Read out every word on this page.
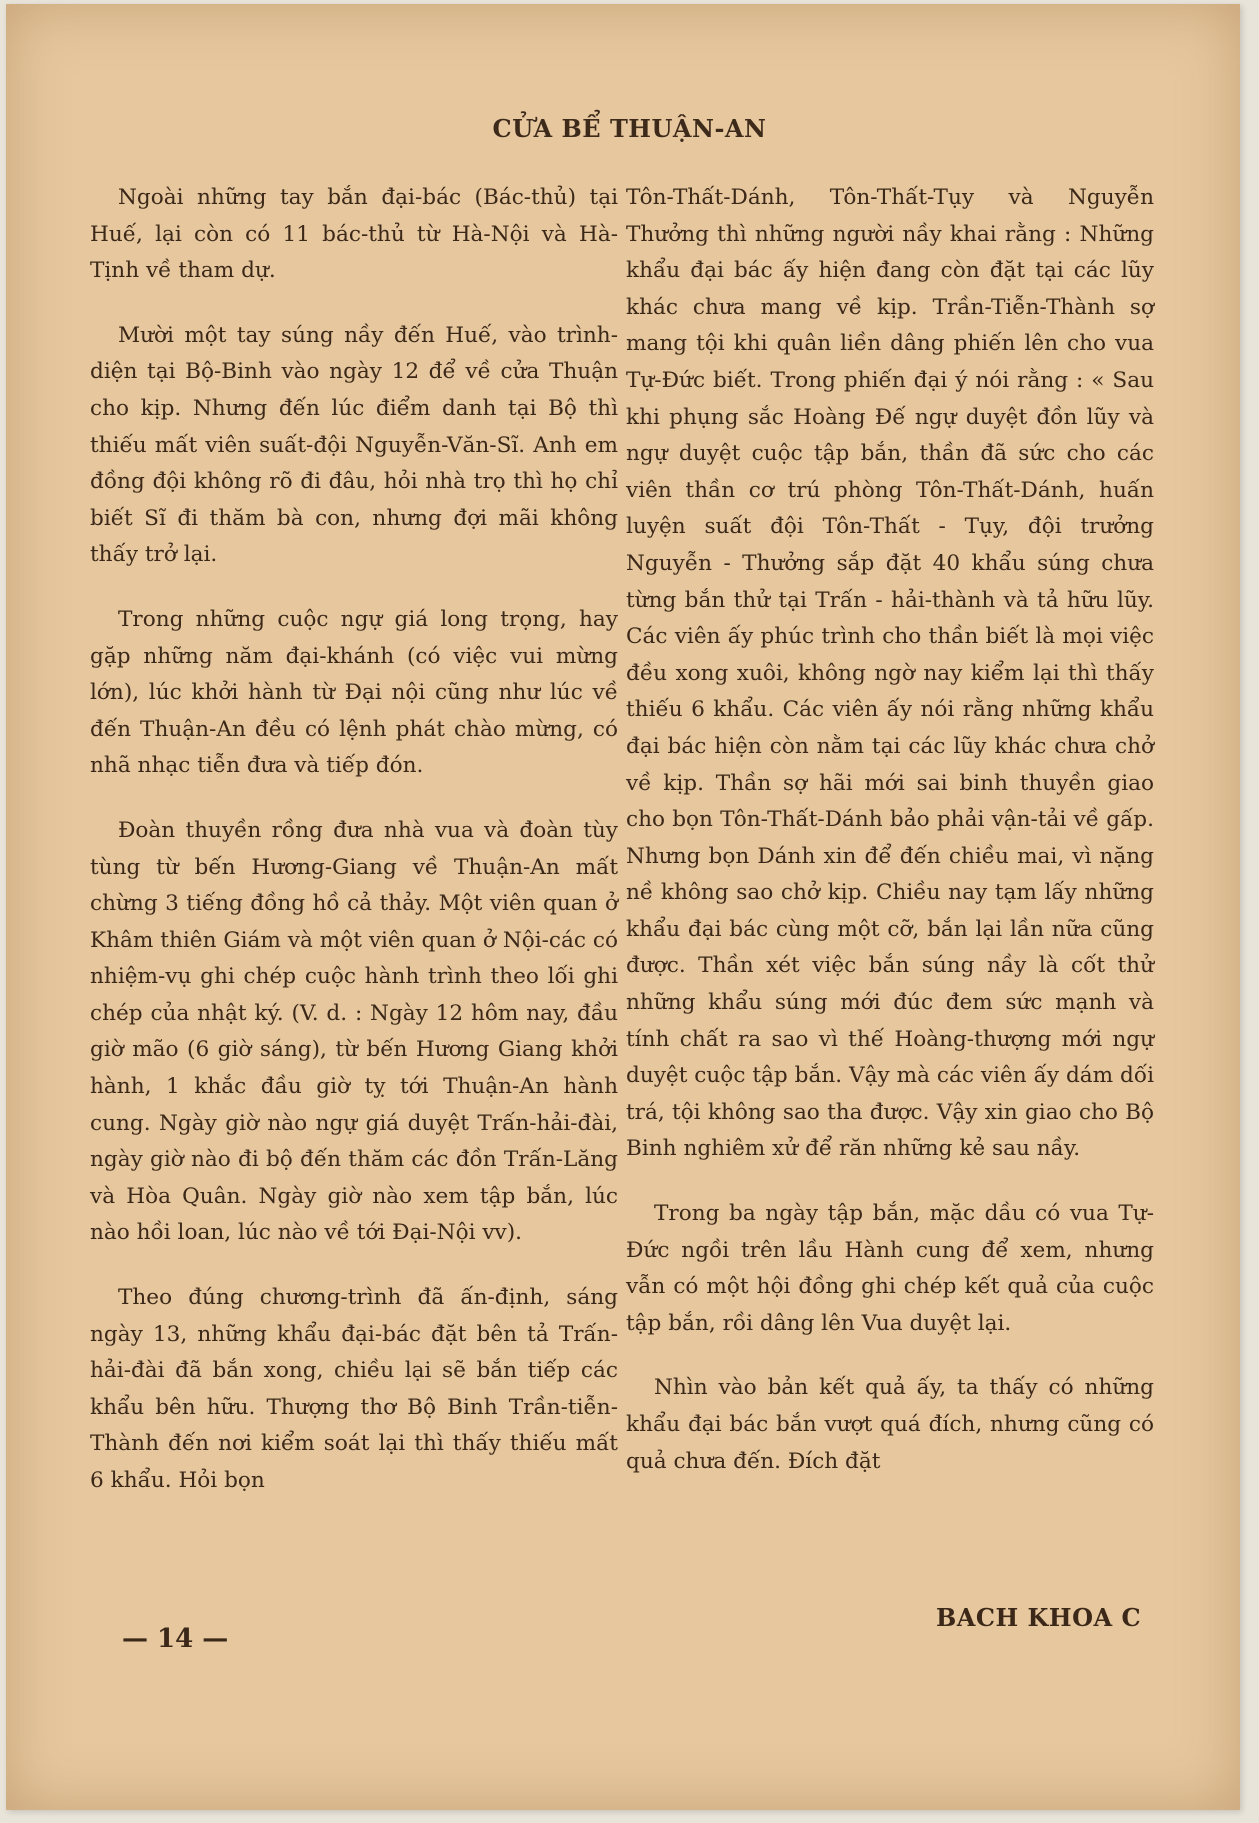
CỬA BỂ THUẬN-AN

Ngoài những tay bắn đại-bác (Bác-thủ) tại Huế, lại còn có 11 bác-thủ từ Hà-Nội và Hà-Tịnh về tham dự.

Mười một tay súng nầy đến Huế, vào trình-diện tại Bộ-Binh vào ngày 12 để về cửa Thuận cho kịp. Nhưng đến lúc điểm danh tại Bộ thì thiếu mất viên suất-đội Nguyễn-Văn-Sĩ. Anh em đồng đội không rõ đi đâu, hỏi nhà trọ thì họ chỉ biết Sĩ đi thăm bà con, nhưng đợi mãi không thấy trở lại.

Trong những cuộc ngự giá long trọng, hay gặp những năm đại-khánh (có việc vui mừng lớn), lúc khởi hành từ Đại nội cũng như lúc về đến Thuận-An đều có lệnh phát chào mừng, có nhã nhạc tiễn đưa và tiếp đón.

Đoàn thuyền rồng đưa nhà vua và đoàn tùy tùng từ bến Hương-Giang về Thuận-An mất chừng 3 tiếng đồng hồ cả thảy. Một viên quan ở Khâm thiên Giám và một viên quan ở Nội-các có nhiệm-vụ ghi chép cuộc hành trình theo lối ghi chép của nhật ký. (V. d. : Ngày 12 hôm nay, đầu giờ mão (6 giờ sáng), từ bến Hương Giang khởi hành, 1 khắc đầu giờ tỵ tới Thuận-An hành cung. Ngày giờ nào ngự giá duyệt Trấn-hải-đài, ngày giờ nào đi bộ đến thăm các đồn Trấn-Lăng và Hòa Quân. Ngày giờ nào xem tập bắn, lúc nào hồi loan, lúc nào về tới Đại-Nội vv).

Theo đúng chương-trình đã ấn-định, sáng ngày 13, những khẩu đại-bác đặt bên tả Trấn-hải-đài đã bắn xong, chiều lại sẽ bắn tiếp các khẩu bên hữu. Thượng thơ Bộ Binh Trần-tiễn-Thành đến nơi kiểm soát lại thì thấy thiếu mất 6 khẩu. Hỏi bọn

Tôn-Thất-Dánh, Tôn-Thất-Tụy và Nguyễn Thưởng thì những người nầy khai rằng : Những khẩu đại bác ấy hiện đang còn đặt tại các lũy khác chưa mang về kịp. Trần-Tiễn-Thành sợ mang tội khi quân liền dâng phiến lên cho vua Tự-Đức biết. Trong phiến đại ý nói rằng : « Sau khi phụng sắc Hoàng Đế ngự duyệt đồn lũy và ngự duyệt cuộc tập bắn, thần đã sức cho các viên thần cơ trú phòng Tôn-Thất-Dánh, huấn luyện suất đội Tôn-Thất - Tụy, đội trưởng Nguyễn - Thưởng sắp đặt 40 khẩu súng chưa từng bắn thử tại Trấn - hải-thành và tả hữu lũy. Các viên ấy phúc trình cho thần biết là mọi việc đều xong xuôi, không ngờ nay kiểm lại thì thấy thiếu 6 khẩu. Các viên ấy nói rằng những khẩu đại bác hiện còn nằm tại các lũy khác chưa chở về kịp. Thần sợ hãi mới sai binh thuyền giao cho bọn Tôn-Thất-Dánh bảo phải vận-tải về gấp. Nhưng bọn Dánh xin để đến chiều mai, vì nặng nề không sao chở kịp. Chiều nay tạm lấy những khẩu đại bác cùng một cỡ, bắn lại lần nữa cũng được. Thần xét việc bắn súng nầy là cốt thử những khẩu súng mới đúc đem sức mạnh và tính chất ra sao vì thế Hoàng-thượng mới ngự duyệt cuộc tập bắn. Vậy mà các viên ấy dám dối trá, tội không sao tha được. Vậy xin giao cho Bộ Binh nghiêm xử để răn những kẻ sau nầy.

Trong ba ngày tập bắn, mặc dầu có vua Tự-Đức ngồi trên lầu Hành cung để xem, nhưng vẫn có một hội đồng ghi chép kết quả của cuộc tập bắn, rồi dâng lên Vua duyệt lại.

Nhìn vào bản kết quả ấy, ta thấy có những khẩu đại bác bắn vượt quá đích, nhưng cũng có quả chưa đến. Đích đặt

— 14 —
BACH KHOA C
